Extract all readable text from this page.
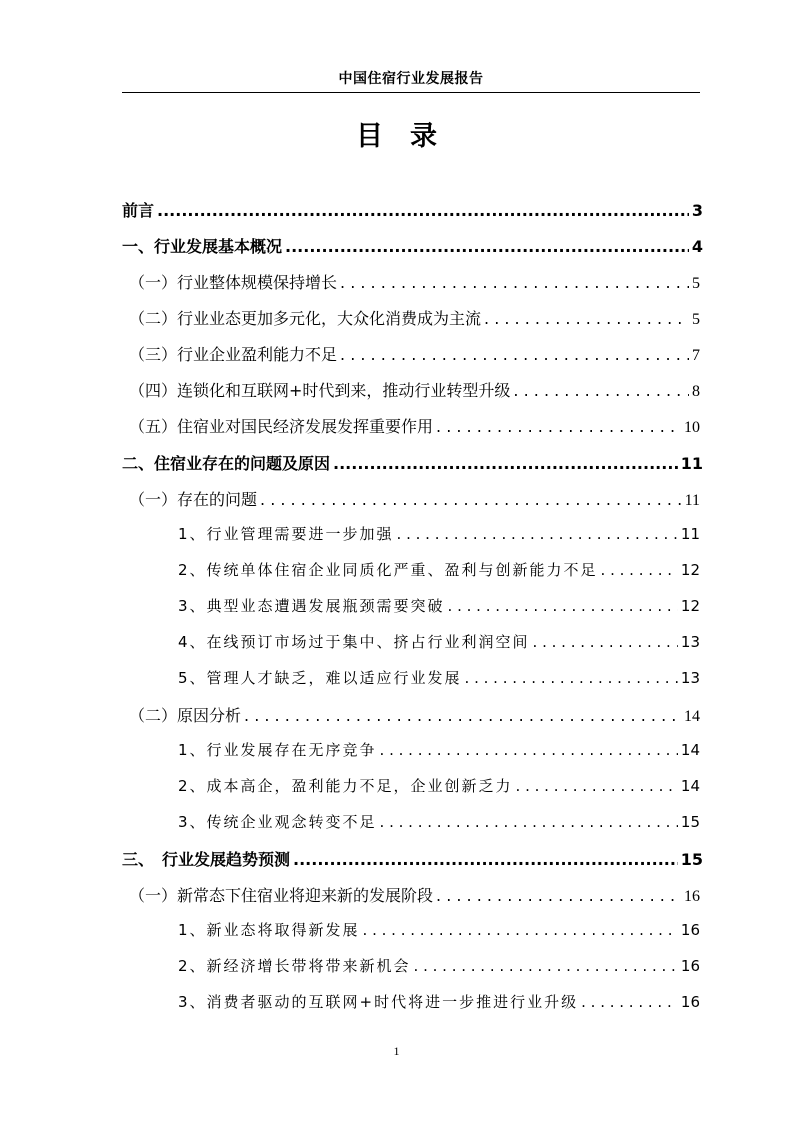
中国住宿行业发展报告
目　录
前言 .....	3
一、行业发展基本概况 .....	4
（一）行业整体规模保持增长 . . .	5
（二）行业业态更加多元化，大众化消费成为主流 . . .	5
（三）行业企业盈利能力不足 . . .	7
（四）连锁化和互联网+时代到来，推动行业转型升级 . . .	8
（五）住宿业对国民经济发展发挥重要作用 . . .	10
二、住宿业存在的问题及原因 .....	11
（一）存在的问题 . . .	11
1、行业管理需要进一步加强 . . .	11
2、传统单体住宿企业同质化严重、盈利与创新能力不足 . . .	12
3、典型业态遭遇发展瓶颈需要突破 . . .	12
4、在线预订市场过于集中、挤占行业利润空间 . . .	13
5、管理人才缺乏，难以适应行业发展 . . .	13
（二）原因分析 . . .	14
1、行业发展存在无序竞争 . . .	14
2、成本高企，盈利能力不足，企业创新乏力 . . .	14
3、传统企业观念转变不足 . . .	15
三、　行业发展趋势预测 .....	15
（一）新常态下住宿业将迎来新的发展阶段 . . .	16
1、新业态将取得新发展 . . .	16
2、新经济增长带将带来新机会 . . .	16
3、消费者驱动的互联网+时代将进一步推进行业升级 . . .	16
1
